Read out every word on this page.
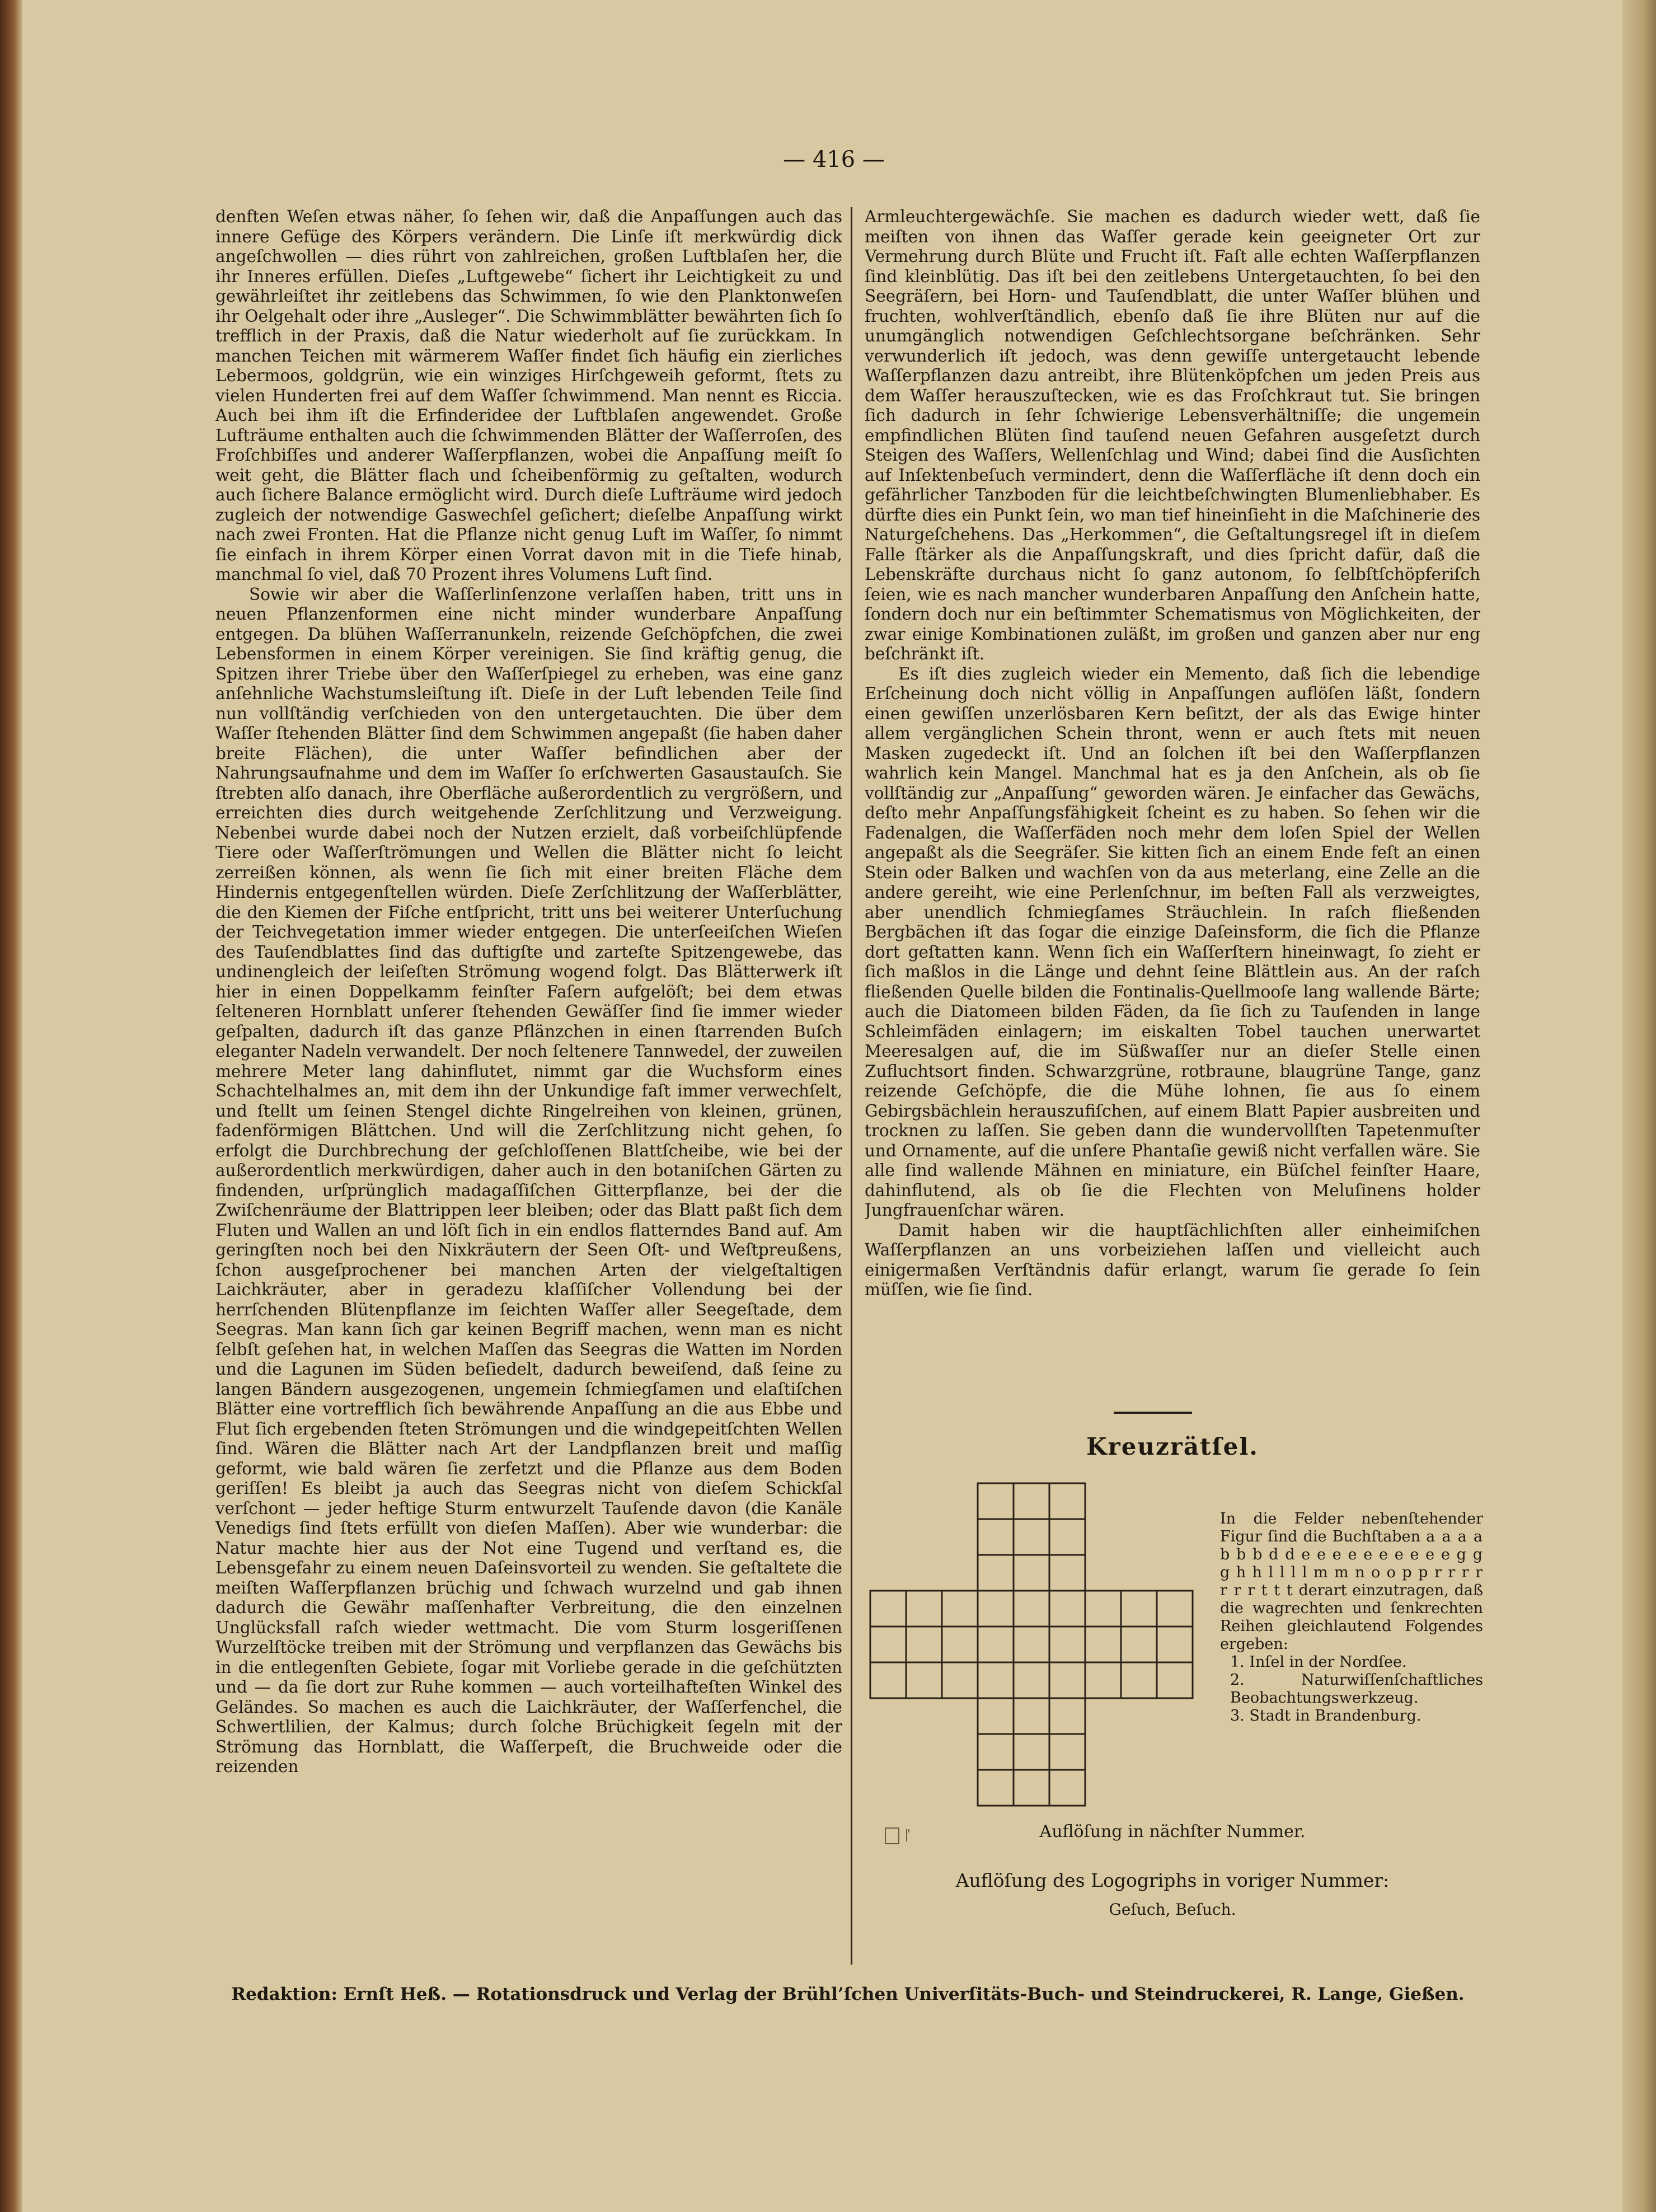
— 416 —

denften Weſen etwas näher, ſo ſehen wir, daß die Anpaſſungen auch das innere Gefüge des Körpers verändern. Die Linſe iſt merkwürdig dick angeſchwollen — dies rührt von zahlreichen, großen Luftblaſen her, die ihr Inneres erfüllen. Dieſes „Luftgewebe“ ſichert ihr Leichtigkeit zu und gewährleiſtet ihr zeitlebens das Schwimmen, ſo wie den Planktonweſen ihr Oelgehalt oder ihre „Ausleger“. Die Schwimmblätter bewährten ſich ſo trefflich in der Praxis, daß die Natur wiederholt auf ſie zurückkam. In manchen Teichen mit wärmerem Waſſer findet ſich häufig ein zierliches Lebermoos, goldgrün, wie ein winziges Hirſchgeweih geformt, ſtets zu vielen Hunderten frei auf dem Waſſer ſchwimmend. Man nennt es Riccia. Auch bei ihm iſt die Erfinderidee der Luftblaſen angewendet. Große Lufträume enthalten auch die ſchwimmenden Blätter der Waſſerroſen, des Froſchbiſſes und anderer Waſſerpflanzen, wobei die Anpaſſung meiſt ſo weit geht, die Blätter flach und ſcheibenförmig zu geſtalten, wodurch auch ſichere Balance ermöglicht wird. Durch dieſe Lufträume wird jedoch zugleich der notwendige Gaswechſel geſichert; dieſelbe Anpaſſung wirkt nach zwei Fronten. Hat die Pflanze nicht genug Luft im Waſſer, ſo nimmt ſie einfach in ihrem Körper einen Vorrat davon mit in die Tiefe hinab, manchmal ſo viel, daß 70 Prozent ihres Volumens Luft ſind.

Sowie wir aber die Waſſerlinſenzone verlaſſen haben, tritt uns in neuen Pflanzenformen eine nicht minder wunderbare Anpaſſung entgegen. Da blühen Waſſerranunkeln, reizende Geſchöpfchen, die zwei Lebensformen in einem Körper vereinigen. Sie ſind kräftig genug, die Spitzen ihrer Triebe über den Waſſerſpiegel zu erheben, was eine ganz anſehnliche Wachstumsleiſtung iſt. Dieſe in der Luft lebenden Teile ſind nun vollſtändig verſchieden von den untergetauchten. Die über dem Waſſer ſtehenden Blätter ſind dem Schwimmen angepaßt (ſie haben daher breite Flächen), die unter Waſſer befindlichen aber der Nahrungsaufnahme und dem im Waſſer ſo erſchwerten Gasaustauſch. Sie ſtrebten alſo danach, ihre Oberfläche außerordentlich zu vergrößern, und erreichten dies durch weitgehende Zerſchlitzung und Verzweigung. Nebenbei wurde dabei noch der Nutzen erzielt, daß vorbeiſchlüpfende Tiere oder Waſſerſtrömungen und Wellen die Blätter nicht ſo leicht zerreißen können, als wenn ſie ſich mit einer breiten Fläche dem Hindernis entgegenſtellen würden. Dieſe Zerſchlitzung der Waſſerblätter, die den Kiemen der Fiſche entſpricht, tritt uns bei weiterer Unterſuchung der Teichvegetation immer wieder entgegen. Die unterſeeiſchen Wieſen des Tauſendblattes ſind das duftigſte und zarteſte Spitzengewebe, das undinengleich der leiſeſten Strömung wogend folgt. Das Blätterwerk iſt hier in einen Doppelkamm feinſter Faſern aufgelöſt; bei dem etwas ſelteneren Hornblatt unſerer ſtehenden Gewäſſer ſind ſie immer wieder geſpalten, dadurch iſt das ganze Pflänzchen in einen ſtarrenden Buſch eleganter Nadeln verwandelt. Der noch ſeltenere Tannwedel, der zuweilen mehrere Meter lang dahinflutet, nimmt gar die Wuchsform eines Schachtelhalmes an, mit dem ihn der Unkundige faſt immer verwechſelt, und ſtellt um ſeinen Stengel dichte Ringelreihen von kleinen, grünen, fadenförmigen Blättchen. Und will die Zerſchlitzung nicht gehen, ſo erfolgt die Durchbrechung der geſchloſſenen Blattſcheibe, wie bei der außerordentlich merkwürdigen, daher auch in den botaniſchen Gärten zu findenden, urſprünglich madagaſſiſchen Gitterpflanze, bei der die Zwiſchenräume der Blattrippen leer bleiben; oder das Blatt paßt ſich dem Fluten und Wallen an und löſt ſich in ein endlos flatterndes Band auf. Am geringſten noch bei den Nixkräutern der Seen Oſt- und Weſtpreußens, ſchon ausgeſprochener bei manchen Arten der vielgeſtaltigen Laichkräuter, aber in geradezu klaſſiſcher Vollendung bei der herrſchenden Blütenpflanze im ſeichten Waſſer aller Seegeſtade, dem Seegras. Man kann ſich gar keinen Begriff machen, wenn man es nicht ſelbſt geſehen hat, in welchen Maſſen das Seegras die Watten im Norden und die Lagunen im Süden beſiedelt, dadurch beweiſend, daß ſeine zu langen Bändern ausgezogenen, ungemein ſchmiegſamen und elaſtiſchen Blätter eine vortrefflich ſich bewährende Anpaſſung an die aus Ebbe und Flut ſich ergebenden ſteten Strömungen und die windgepeitſchten Wellen ſind. Wären die Blätter nach Art der Landpflanzen breit und maſſig geformt, wie bald wären ſie zerfetzt und die Pflanze aus dem Boden geriſſen! Es bleibt ja auch das Seegras nicht von dieſem Schickſal verſchont — jeder heftige Sturm entwurzelt Tauſende davon (die Kanäle Venedigs ſind ſtets erfüllt von dieſen Maſſen). Aber wie wunderbar: die Natur machte hier aus der Not eine Tugend und verſtand es, die Lebensgefahr zu einem neuen Daſeinsvorteil zu wenden. Sie geſtaltete die meiſten Waſſerpflanzen brüchig und ſchwach wurzelnd und gab ihnen dadurch die Gewähr maſſenhafter Verbreitung, die den einzelnen Unglücksfall raſch wieder wettmacht. Die vom Sturm losgeriſſenen Wurzelſtöcke treiben mit der Strömung und verpflanzen das Gewächs bis in die entlegenſten Gebiete, ſogar mit Vorliebe gerade in die geſchützten und — da ſie dort zur Ruhe kommen — auch vorteilhafteſten Winkel des Geländes. So machen es auch die Laichkräuter, der Waſſerfenchel, die Schwertlilien, der Kalmus; durch ſolche Brüchigkeit ſegeln mit der Strömung das Hornblatt, die Waſſerpeſt, die Bruchweide oder die reizenden

Armleuchtergewächſe. Sie machen es dadurch wieder wett, daß ſie meiſten von ihnen das Waſſer gerade kein geeigneter Ort zur Vermehrung durch Blüte und Frucht iſt. Faſt alle echten Waſſerpflanzen ſind kleinblütig. Das iſt bei den zeitlebens Untergetauchten, ſo bei den Seegräſern, bei Horn- und Tauſendblatt, die unter Waſſer blühen und fruchten, wohlverſtändlich, ebenſo daß ſie ihre Blüten nur auf die unumgänglich notwendigen Geſchlechtsorgane beſchränken. Sehr verwunderlich iſt jedoch, was denn gewiſſe untergetaucht lebende Waſſerpflanzen dazu antreibt, ihre Blütenköpfchen um jeden Preis aus dem Waſſer herauszuſtecken, wie es das Froſchkraut tut. Sie bringen ſich dadurch in ſehr ſchwierige Lebensverhältniſſe; die ungemein empfindlichen Blüten ſind tauſend neuen Gefahren ausgeſetzt durch Steigen des Waſſers, Wellenſchlag und Wind; dabei ſind die Ausſichten auf Inſektenbeſuch vermindert, denn die Waſſerfläche iſt denn doch ein gefährlicher Tanzboden für die leichtbeſchwingten Blumenliebhaber. Es dürfte dies ein Punkt ſein, wo man tief hineinſieht in die Maſchinerie des Naturgeſchehens. Das „Herkommen“, die Geſtaltungsregel iſt in dieſem Falle ſtärker als die Anpaſſungskraft, und dies ſpricht dafür, daß die Lebenskräfte durchaus nicht ſo ganz autonom, ſo ſelbſtſchöpferiſch ſeien, wie es nach mancher wunderbaren Anpaſſung den Anſchein hatte, ſondern doch nur ein beſtimmter Schematismus von Möglichkeiten, der zwar einige Kombinationen zuläßt, im großen und ganzen aber nur eng beſchränkt iſt.

Es iſt dies zugleich wieder ein Memento, daß ſich die lebendige Erſcheinung doch nicht völlig in Anpaſſungen auflöſen läßt, ſondern einen gewiſſen unzerlösbaren Kern beſitzt, der als das Ewige hinter allem vergänglichen Schein thront, wenn er auch ſtets mit neuen Masken zugedeckt iſt. Und an ſolchen iſt bei den Waſſerpflanzen wahrlich kein Mangel. Manchmal hat es ja den Anſchein, als ob ſie vollſtändig zur „Anpaſſung“ geworden wären. Je einfacher das Gewächs, deſto mehr Anpaſſungsfähigkeit ſcheint es zu haben. So ſehen wir die Fadenalgen, die Waſſerfäden noch mehr dem loſen Spiel der Wellen angepaßt als die Seegräſer. Sie kitten ſich an einem Ende feſt an einen Stein oder Balken und wachſen von da aus meterlang, eine Zelle an die andere gereiht, wie eine Perlenſchnur, im beſten Fall als verzweigtes, aber unendlich ſchmiegſames Sträuchlein. In raſch fließenden Bergbächen iſt das ſogar die einzige Daſeinsform, die ſich die Pflanze dort geſtatten kann. Wenn ſich ein Waſſerſtern hineinwagt, ſo zieht er ſich maßlos in die Länge und dehnt ſeine Blättlein aus. An der raſch fließenden Quelle bilden die Fontinalis-Quellmooſe lang wallende Bärte; auch die Diatomeen bilden Fäden, da ſie ſich zu Tauſenden in lange Schleimfäden einlagern; im eiskalten Tobel tauchen unerwartet Meeresalgen auf, die im Süßwaſſer nur an dieſer Stelle einen Zufluchtsort finden. Schwarzgrüne, rotbraune, blaugrüne Tange, ganz reizende Geſchöpfe, die die Mühe lohnen, ſie aus ſo einem Gebirgsbächlein herauszufiſchen, auf einem Blatt Papier ausbreiten und trocknen zu laſſen. Sie geben dann die wundervollſten Tapetenmuſter und Ornamente, auf die unſere Phantaſie gewiß nicht verfallen wäre. Sie alle ſind wallende Mähnen en miniature, ein Büſchel feinſter Haare, dahinflutend, als ob ſie die Flechten von Meluſinens holder Jungfrauenſchar wären.

Damit haben wir die hauptſächlichſten aller einheimiſchen Waſſerpflanzen an uns vorbeiziehen laſſen und vielleicht auch einigermaßen Verſtändnis dafür erlangt, warum ſie gerade ſo ſein müſſen, wie ſie ſind.

Kreuzrätſel.
In die Felder nebenſtehender Figur ſind die Buchſtaben a a a a b b b d d e e e e e e e e e e g g g h h l l l l m m n o o p p r r r r r r r t t t derart einzutragen, daß die wagrechten und ſenkrechten Reihen gleichlautend Folgendes ergeben:
1. Inſel in der Nordſee.
2. Naturwiſſenſchaftliches Beobachtungswerkzeug.
3. Stadt in Brandenburg.
Auflöſung in nächſter Nummer.
Auflöſung des Logogriphs in voriger Nummer:
Geſuch, Beſuch.
Redaktion: Ernſt Heß. — Rotationsdruck und Verlag der Brühl’ſchen Univerſitäts-Buch- und Steindruckerei, R. Lange, Gießen.
